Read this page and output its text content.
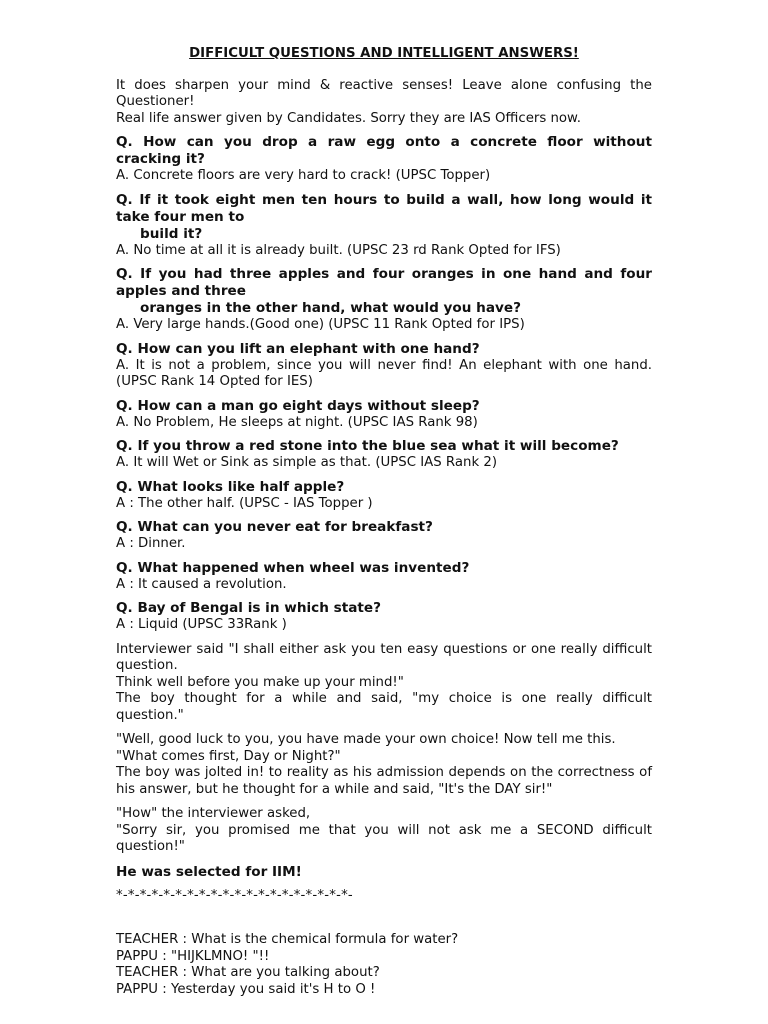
DIFFICULT QUESTIONS AND INTELLIGENT ANSWERS!

It does sharpen your mind & reactive senses! Leave alone confusing the Questioner!

Real life answer given by Candidates. Sorry they are IAS Officers now.

Q. How can you drop a raw egg onto a concrete floor without cracking it?

A. Concrete floors are very hard to crack! (UPSC Topper)

Q. If it took eight men ten hours to build a wall, how long would it take four men to

build it?

A. No time at all it is already built. (UPSC 23 rd Rank Opted for IFS)

Q. If you had three apples and four oranges in one hand and four apples and three

oranges in the other hand, what would you have?

A. Very large hands.(Good one) (UPSC 11 Rank Opted for IPS)

Q. How can you lift an elephant with one hand?

A. It is not a problem, since you will never find! An elephant with one hand. (UPSC Rank 14 Opted for IES)

Q. How can a man go eight days without sleep?

A. No Problem, He sleeps at night. (UPSC IAS Rank 98)

Q. If you throw a red stone into the blue sea what it will become?

A. It will Wet or Sink as simple as that. (UPSC IAS Rank 2)

Q. What looks like half apple?

A : The other half. (UPSC - IAS Topper )

Q. What can you never eat for breakfast?

A : Dinner.

Q. What happened when wheel was invented?

A : It caused a revolution.

Q. Bay of Bengal is in which state?

A : Liquid (UPSC 33Rank )

Interviewer said "I shall either ask you ten easy questions or one really difficult question.

Think well before you make up your mind!"

The boy thought for a while and said, "my choice is one really difficult question."

"Well, good luck to you, you have made your own choice! Now tell me this.

"What comes first, Day or Night?"

The boy was jolted in! to reality as his admission depends on the correctness of his answer, but he thought for a while and said, "It's the DAY sir!"

"How" the interviewer asked,

"Sorry sir, you promised me that you will not ask me a SECOND difficult question!"

He was selected for IIM!

*-*-*-*-*-*-*-*-*-*-*-*-*-*-*-*-*-*-*-*-

TEACHER : What is the chemical formula for water?

PAPPU : "HIJKLMNO! "!!

TEACHER : What are you talking about?

PAPPU : Yesterday you said it's H to O !
